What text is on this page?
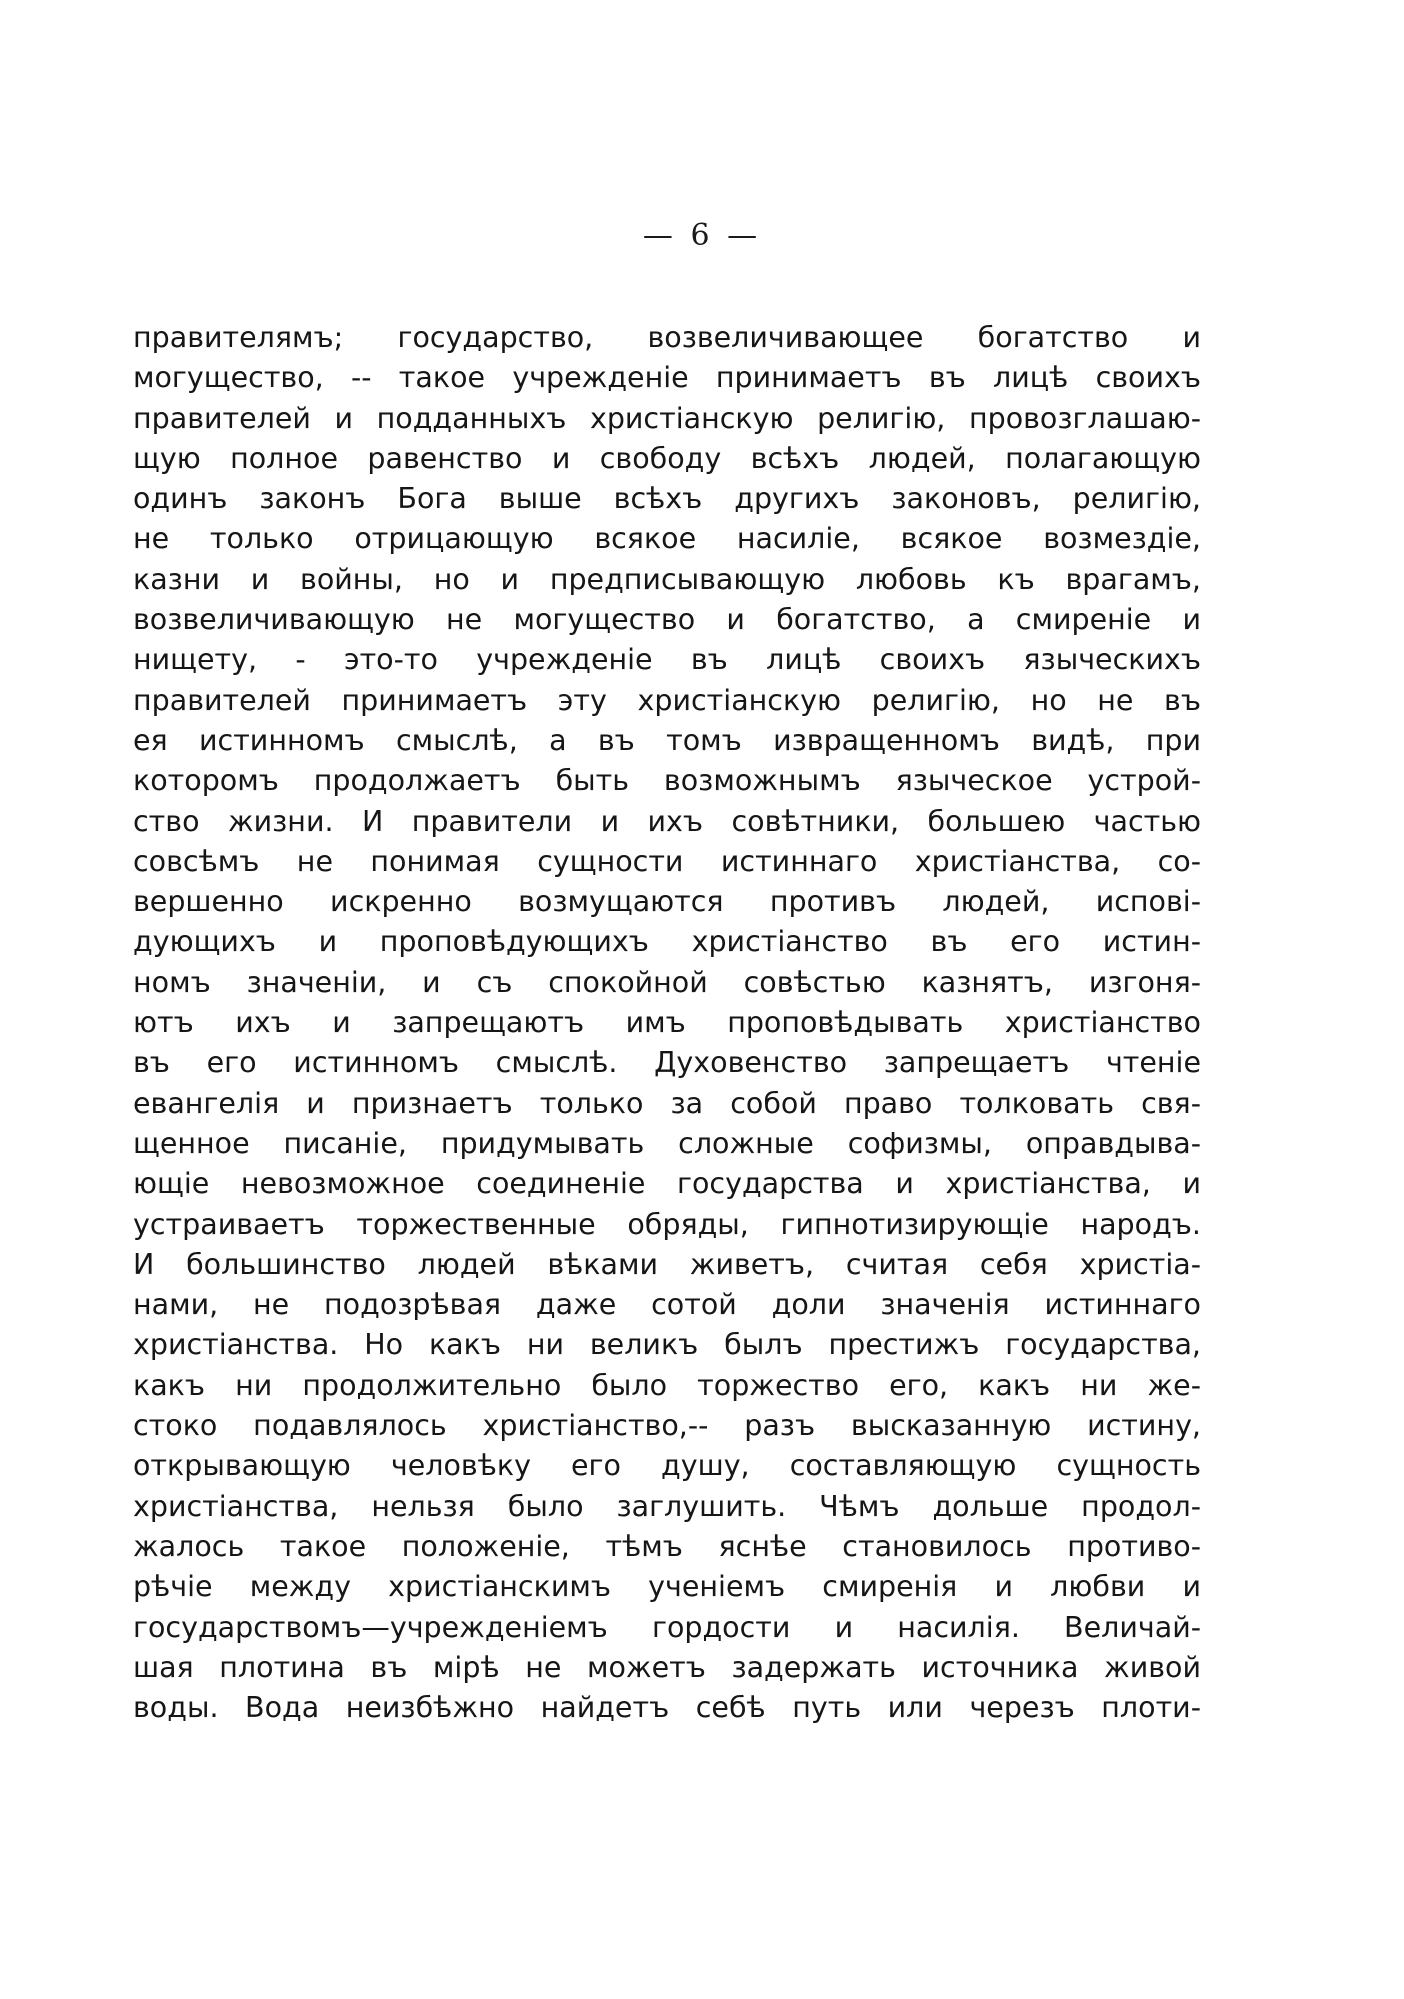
— 6 —
правителямъ; государство, возвеличивающее богатство и
могущество, -- такое учрежденіе принимаетъ въ лицѣ своихъ
правителей и подданныхъ христіанскую религію, провозглашаю-
щую полное равенство и свободу всѣхъ людей, полагающую
одинъ законъ Бога выше всѣхъ другихъ законовъ, религію,
не только отрицающую всякое насиліе, всякое возмездіе,
казни и войны, но и предписывающую любовь къ врагамъ,
возвеличивающую не могущество и богатство, а смиреніе и
нищету, - это-то учрежденіе въ лицѣ своихъ языческихъ
правителей принимаетъ эту христіанскую религію, но не въ
ея истинномъ смыслѣ, а въ томъ извращенномъ видѣ, при
которомъ продолжаетъ быть возможнымъ языческое устрой-
ство жизни. И правители и ихъ совѣтники, большею частью
совсѣмъ не понимая сущности истиннаго христіанства, со-
вершенно искренно возмущаются противъ людей, испові-
дующихъ и проповѣдующихъ христіанство въ его истин-
номъ значеніи, и съ спокойной совѣстью казнятъ, изгоня-
ютъ ихъ и запрещаютъ имъ проповѣдывать христіанство
въ его истинномъ смыслѣ. Духовенство запрещаетъ чтеніе
евангелія и признаетъ только за собой право толковать свя-
щенное писаніе, придумывать сложные софизмы, оправдыва-
ющіе невозможное соединеніе государства и христіанства, и
устраиваетъ торжественные обряды, гипнотизирующіе народъ.
И большинство людей вѣками живетъ, считая себя христіа-
нами, не подозрѣвая даже сотой доли значенія истиннаго
христіанства. Но какъ ни великъ былъ престижъ государства,
какъ ни продолжительно было торжество его, какъ ни же-
стоко подавлялось христіанство,-- разъ высказанную истину,
открывающую человѣку его душу, составляющую сущность
христіанства, нельзя было заглушить. Чѣмъ дольше продол-
жалось такое положеніе, тѣмъ яснѣе становилось противо-
рѣчіе между христіанскимъ ученіемъ смиренія и любви и
государствомъ—учрежденіемъ гордости и насилія. Величай-
шая плотина въ мірѣ не можетъ задержать источника живой
воды. Вода неизбѣжно найдетъ себѣ путь или черезъ плоти-
